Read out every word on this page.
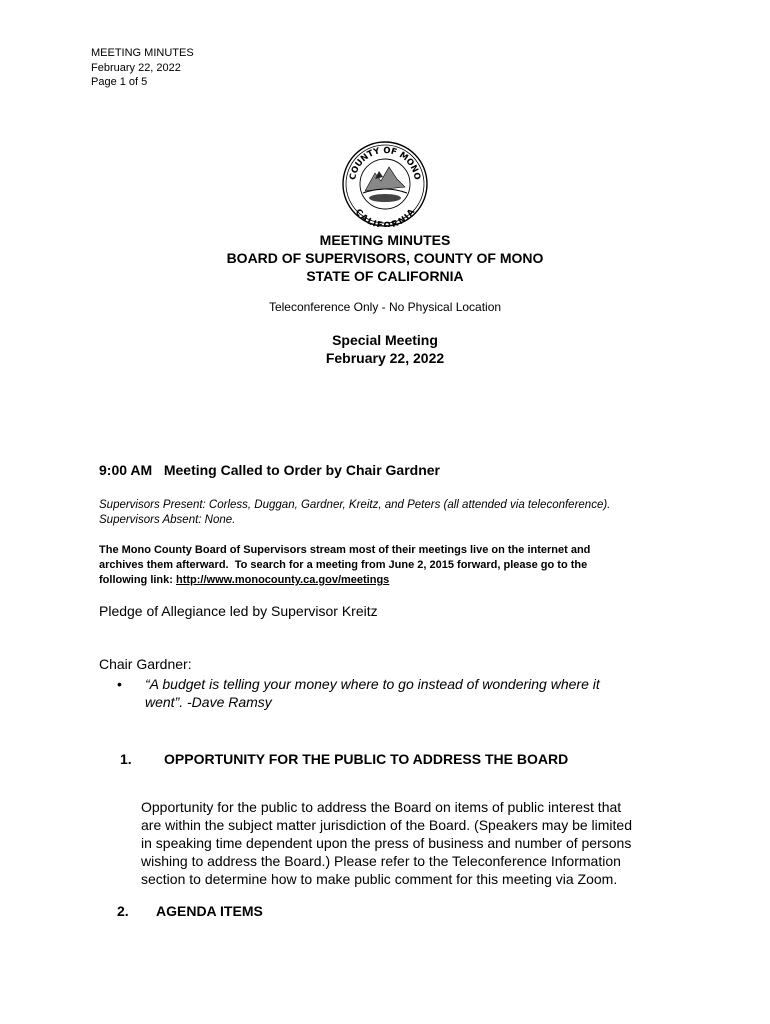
MEETING MINUTES
February 22, 2022
Page 1 of 5
COUNTY OF MONO
CALIFORNIA
MEETING MINUTES
BOARD OF SUPERVISORS, COUNTY OF MONO
STATE OF CALIFORNIA
Teleconference Only - No Physical Location
Special Meeting
February 22, 2022
9:00 AM   Meeting Called to Order by Chair Gardner
Supervisors Present: Corless, Duggan, Gardner, Kreitz, and Peters (all attended via teleconference).
Supervisors Absent: None.
The Mono County Board of Supervisors stream most of their meetings live on the internet and
archives them afterward.  To search for a meeting from June 2, 2015 forward, please go to the
following link: http://www.monocounty.ca.gov/meetings
Pledge of Allegiance led by Supervisor Kreitz
Chair Gardner:
• “A budget is telling your money where to go instead of wondering where it
went”. -Dave Ramsy
1. OPPORTUNITY FOR THE PUBLIC TO ADDRESS THE BOARD
Opportunity for the public to address the Board on items of public interest that
are within the subject matter jurisdiction of the Board. (Speakers may be limited
in speaking time dependent upon the press of business and number of persons
wishing to address the Board.) Please refer to the Teleconference Information
section to determine how to make public comment for this meeting via Zoom.
2. AGENDA ITEMS
